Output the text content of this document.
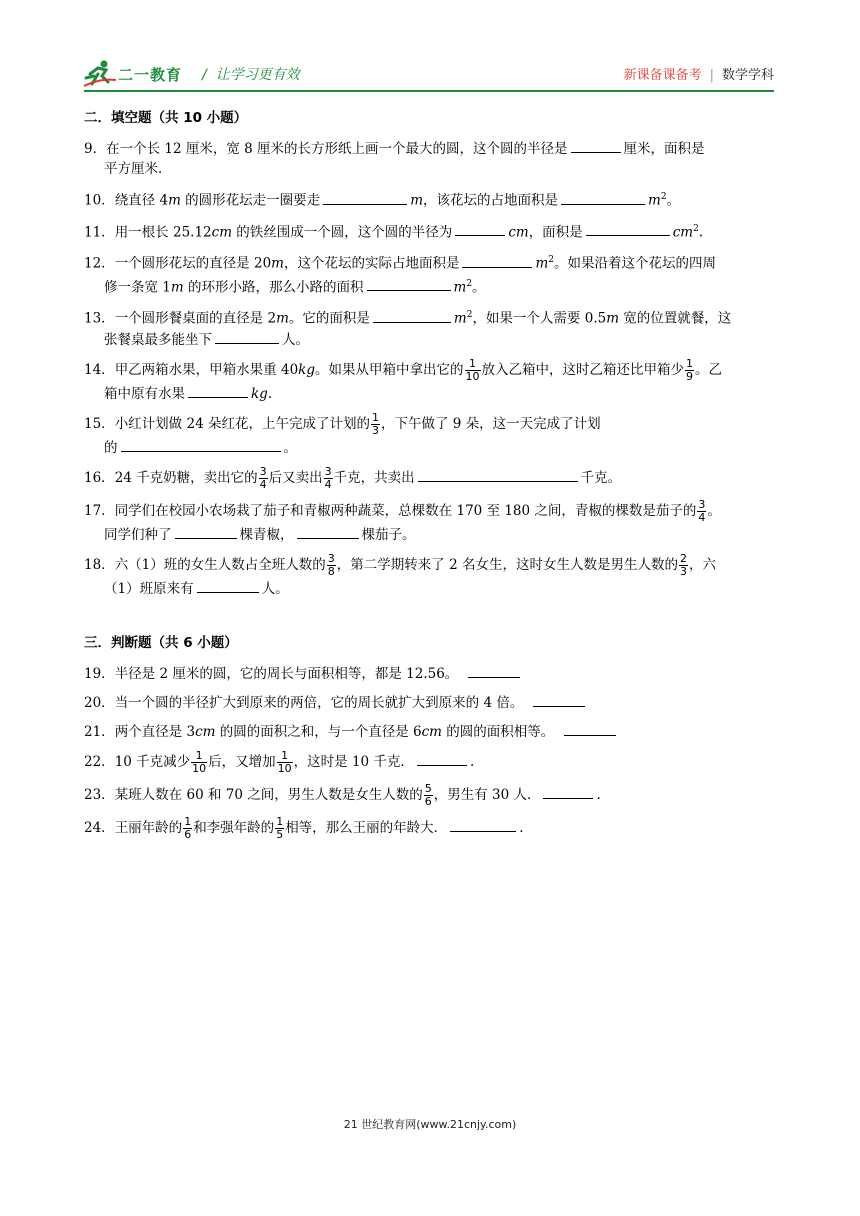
二一教育 /  让学习更有效	新课备课备考 | 数学学科
二．填空题（共 10 小题）
9．在一个长 12 厘米，宽 8 厘米的长方形纸上画一个最大的圆，这个圆的半径是	厘米，面积是
平方厘米．
10．绕直径 4m 的圆形花坛走一圈要走	m，该花坛的占地面积是	$m^2$。
11．用一根长 25.12cm 的铁丝围成一个圆，这个圆的半径为	cm，面积是	$cm^2$.
12．一个圆形花坛的直径是 20m，这个花坛的实际占地面积是	$m^2$。如果沿着这个花坛的四周
修一条宽 1m 的环形小路，那么小路的面积	$m^2$。
13．一个圆形餐桌面的直径是 2m。它的面积是	$m^2$，如果一个人需要 0.5m 宽的位置就餐，这
张餐桌最多能坐下	人。
14．甲乙两箱水果，甲箱水果重 40kg。如果从甲箱中拿出它的 $\frac{1}{10}$ 放入乙箱中，这时乙箱还比甲箱少 $\frac{1}{9}$ 。乙
箱中原有水果	kg.
15．小红计划做 24 朵红花，上午完成了计划的 $\frac{1}{3}$ ，下午做了 9 朵，这一天完成了计划
的	。
16．24 千克奶糖，卖出它的 $\frac{3}{4}$ 后又卖出 $\frac{3}{4}$ 千克，共卖出	千克。
17．同学们在校园小农场栽了茄子和青椒两种蔬菜，总棵数在 170 至 180 之间，青椒的棵数是茄子的 $\frac{3}{4}$ 。
同学们种了	棵青椒，	棵茄子。
18．六（1）班的女生人数占全班人数的 $\frac{3}{8}$ ，第二学期转来了 2 名女生，这时女生人数是男生人数的 $\frac{2}{3}$ ，六
（1）班原来有	人。
三．判断题（共 6 小题）
19．半径是 2 厘米的圆，它的周长与面积相等，都是 12.56。
20．当一个圆的半径扩大到原来的两倍，它的周长就扩大到原来的 4 倍。
21．两个直径是 3cm 的圆的面积之和，与一个直径是 6cm 的圆的面积相等。
22．10 千克减少 $\frac{1}{10}$ 后，又增加 $\frac{1}{10}$ ，这时是 10 千克．	.
23．某班人数在 60 和 70 之间，男生人数是女生人数的 $\frac{5}{6}$ ，男生有 30 人．	.
24．王丽年龄的 $\frac{1}{6}$ 和李强年龄的 $\frac{1}{5}$ 相等，那么王丽的年龄大．	.
21 世纪教育网(www.21cnjy.com)
